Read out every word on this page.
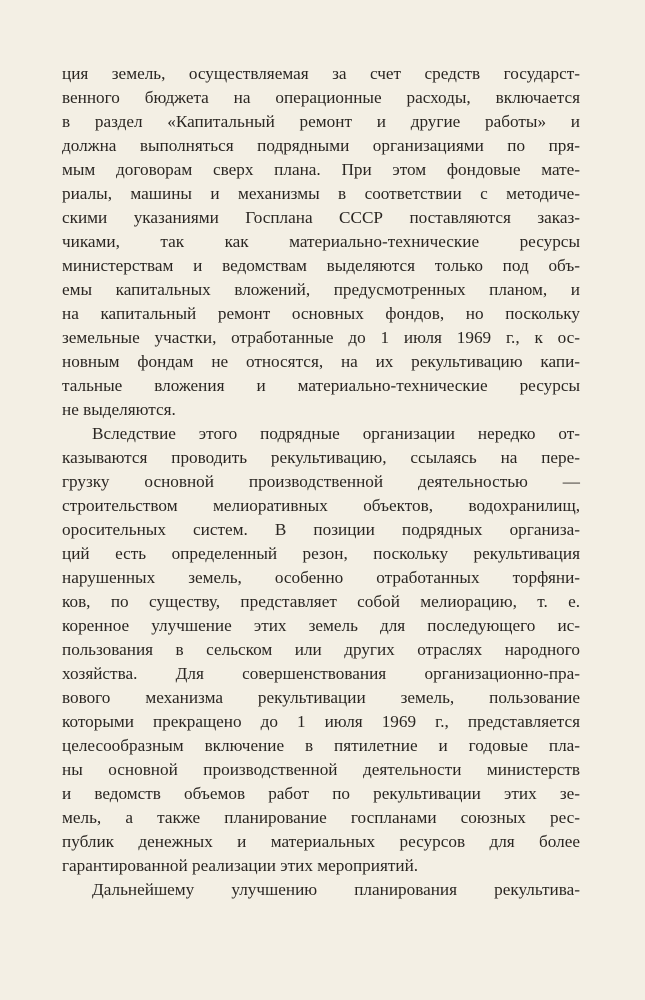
ция земель, осуществляемая за счет средств государст-
венного бюджета на операционные расходы, включается
в раздел «Капитальный ремонт и другие работы» и
должна выполняться подрядными организациями по пря-
мым договорам сверх плана. При этом фондовые мате-
риалы, машины и механизмы в соответствии с методиче-
скими указаниями Госплана СССР поставляются заказ-
чиками, так как материально-технические ресурсы
министерствам и ведомствам выделяются только под объ-
емы капитальных вложений, предусмотренных планом, и
на капитальный ремонт основных фондов, но поскольку
земельные участки, отработанные до 1 июля 1969 г., к ос-
новным фондам не относятся, на их рекультивацию капи-
тальные вложения и материально-технические ресурсы
не выделяются.
Вследствие этого подрядные организации нередко от-
казываются проводить рекультивацию, ссылаясь на пере-
грузку основной производственной деятельностью —
строительством мелиоративных объектов, водохранилищ,
оросительных систем. В позиции подрядных организа-
ций есть определенный резон, поскольку рекультивация
нарушенных земель, особенно отработанных торфяни-
ков, по существу, представляет собой мелиорацию, т. е.
коренное улучшение этих земель для последующего ис-
пользования в сельском или других отраслях народного
хозяйства. Для совершенствования организационно-пра-
вового механизма рекультивации земель, пользование
которыми прекращено до 1 июля 1969 г., представляется
целесообразным включение в пятилетние и годовые пла-
ны основной производственной деятельности министерств
и ведомств объемов работ по рекультивации этих зе-
мель, а также планирование госпланами союзных рес-
публик денежных и материальных ресурсов для более
гарантированной реализации этих мероприятий.
Дальнейшему улучшению планирования рекультива-
